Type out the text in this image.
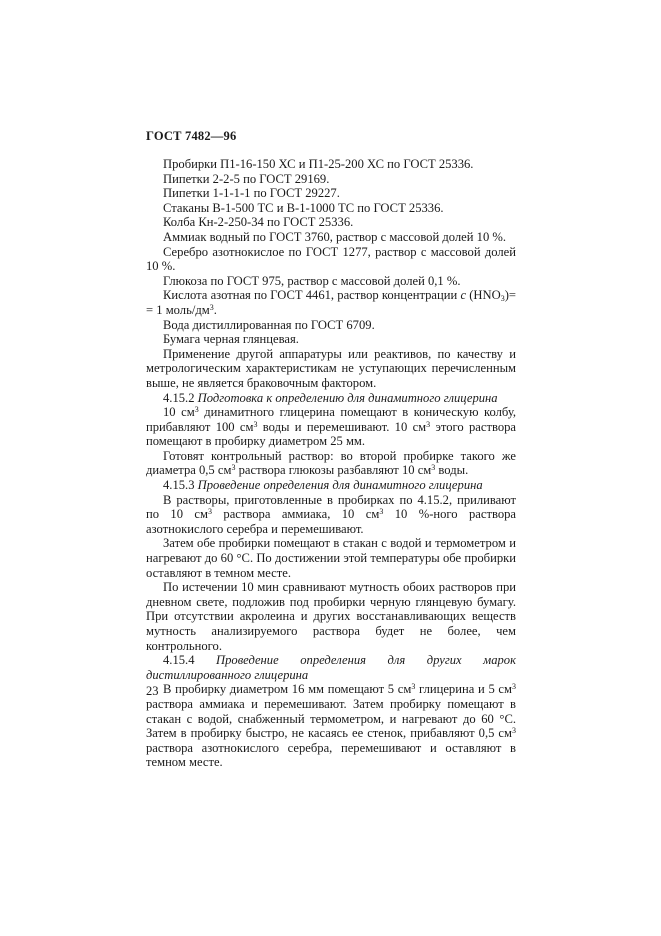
ГОСТ 7482—96

Пробирки П1-16-150 ХС и П1-25-200 ХС по ГОСТ 25336.

Пипетки 2-2-5 по ГОСТ 29169.

Пипетки 1-1-1-1 по ГОСТ 29227.

Стаканы В-1-500 ТС и В-1-1000 ТС по ГОСТ 25336.

Колба Кн-2-250-34 по ГОСТ 25336.

Аммиак водный по ГОСТ 3760, раствор с массовой долей 10 %.

Серебро азотнокислое по ГОСТ 1277, раствор с массовой долей 10 %.

Глюкоза по ГОСТ 975, раствор с массовой долей 0,1 %.

Кислота азотная по ГОСТ 4461, раствор концентрации c $(HNO_3)= = 1$ моль/$дм^3$.

Вода дистиллированная по ГОСТ 6709.

Бумага черная глянцевая.

Применение другой аппаратуры или реактивов, по качеству и метрологическим характеристикам не уступающих перечисленным выше, не является браковочным фактором.

4.15.2 Подготовка к определению для динамитного глицерина

10 $см^3$ динамитного глицерина помещают в коническую колбу, прибавляют 100 $см^3$ воды и перемешивают. 10 $см^3$ этого раствора помещают в пробирку диаметром 25 мм.

Готовят контрольный раствор: во второй пробирке такого же диаметра 0,5 $см^3$ раствора глюкозы разбавляют 10 $см^3$ воды.

4.15.3 Проведение определения для динамитного глицерина

В растворы, приготовленные в пробирках по 4.15.2, приливают по 10 $см^3$ раствора аммиака, 10 $см^3$ 10 %-ного раствора азотнокислого серебра и перемешивают.

Затем обе пробирки помещают в стакан с водой и термометром и нагревают до 60 °С. По достижении этой температуры обе пробирки оставляют в темном месте.

По истечении 10 мин сравнивают мутность обоих растворов при дневном свете, подложив под пробирки черную глянцевую бумагу. При отсутствии акролеина и других восстанавливающих веществ мутность анализируемого раствора будет не более, чем контрольного.

4.15.4 Проведение определения для других марок дистиллированного глицерина

В пробирку диаметром 16 мм помещают 5 $см^3$ глицерина и 5 $см^3$ раствора аммиака и перемешивают. Затем пробирку помещают в стакан с водой, снабженный термометром, и нагревают до 60 °С. Затем в пробирку быстро, не касаясь ее стенок, прибавляют 0,5 $см^3$ раствора азотнокислого серебра, перемешивают и оставляют в темном месте.

23
